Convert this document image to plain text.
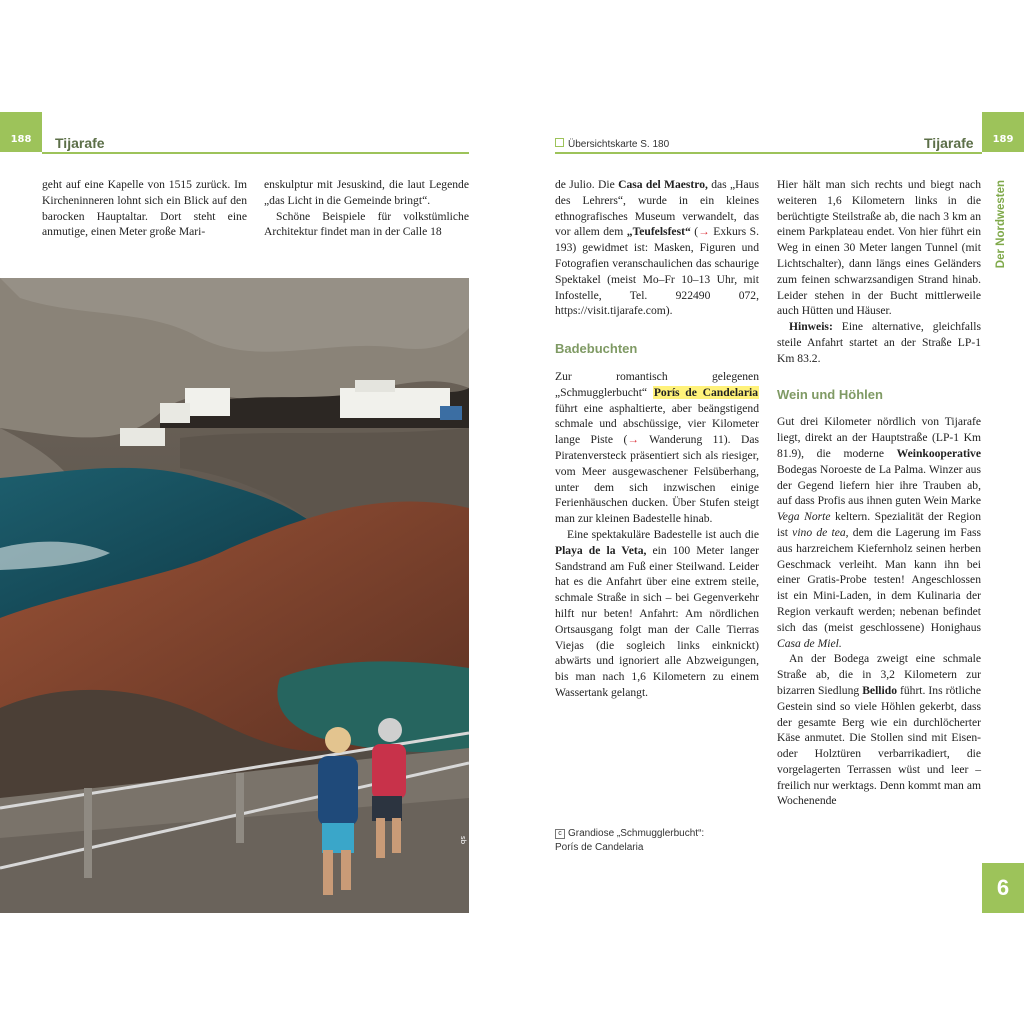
188	Tijarafe

geht auf eine Kapelle von 1515 zurück. Im Kircheninneren lohnt sich ein Blick auf den barocken Hauptaltar. Dort steht eine anmutige, einen Meter große Mari-

enskulptur mit Jesuskind, die laut Legende „das Licht in die Gemeinde bringt“.

Schöne Beispiele für volkstümliche Architektur findet man in der Calle 18

sb
Übersichtskarte S. 180	Tijarafe	189
Der Nordwesten
6

de Julio. Die Casa del Maestro, das „Haus des Lehrers“, wurde in ein kleines ethnografisches Museum verwandelt, das vor allem dem „Teufelsfest“ (→ Exkurs S. 193) gewidmet ist: Masken, Figuren und Fotografien veranschaulichen das schaurige Spektakel (meist Mo–Fr 10–13 Uhr, mit Infostelle, Tel. 922490 072, https://visit.tijarafe.com).

Badebuchten

Zur romantisch gelegenen „Schmugglerbucht“ Porís de Candelaria führt eine asphaltierte, aber beängstigend schmale und abschüssige, vier Kilometer lange Piste (→ Wanderung 11). Das Piratenversteck präsentiert sich als riesiger, vom Meer ausgewaschener Felsüberhang, unter dem sich inzwischen einige Ferienhäuschen ducken. Über Stufen steigt man zur kleinen Badestelle hinab.

Eine spektakuläre Badestelle ist auch die Playa de la Veta, ein 100 Meter langer Sandstrand am Fuß einer Steilwand. Leider hat es die Anfahrt über eine extrem steile, schmale Straße in sich – bei Gegenverkehr hilft nur beten! Anfahrt: Am nördlichen Ortsausgang folgt man der Calle Tierras Viejas (die sogleich links einknickt) abwärts und ignoriert alle Abzweigungen, bis man nach 1,6 Kilometern zu einem Wassertank gelangt.

c Grandiose „Schmugglerbucht“:
Porís de Candelaria

Hier hält man sich rechts und biegt nach weiteren 1,6 Kilometern links in die berüchtigte Steilstraße ab, die nach 3 km an einem Parkplateau endet. Von hier führt ein Weg in einen 30 Meter langen Tunnel (mit Lichtschalter), dann längs eines Geländers zum feinen schwarzsandigen Strand hinab. Leider stehen in der Bucht mittlerweile auch Hütten und Häuser.

Hinweis: Eine alternative, gleichfalls steile Anfahrt startet an der Straße LP-1 Km 83.2.

Wein und Höhlen

Gut drei Kilometer nördlich von Tijarafe liegt, direkt an der Hauptstraße (LP-1 Km 81.9), die moderne Weinkooperative Bodegas Noroeste de La Palma. Winzer aus der Gegend liefern hier ihre Trauben ab, auf dass Profis aus ihnen guten Wein Marke Vega Norte keltern. Spezialität der Region ist vino de tea, dem die Lagerung im Fass aus harzreichem Kiefernholz seinen herben Geschmack verleiht. Man kann ihn bei einer Gratis-Probe testen! Angeschlossen ist ein Mini-Laden, in dem Kulinaria der Region verkauft werden; nebenan befindet sich das (meist geschlossene) Honighaus Casa de Miel.

An der Bodega zweigt eine schmale Straße ab, die in 3,2 Kilometern zur bizarren Siedlung Bellido führt. Ins rötliche Gestein sind so viele Höhlen gekerbt, dass der gesamte Berg wie ein durchlöcherter Käse anmutet. Die Stollen sind mit Eisen- oder Holztüren verbarrikadiert, die vorgelagerten Terrassen wüst und leer – freilich nur werktags. Denn kommt man am Wochenende
